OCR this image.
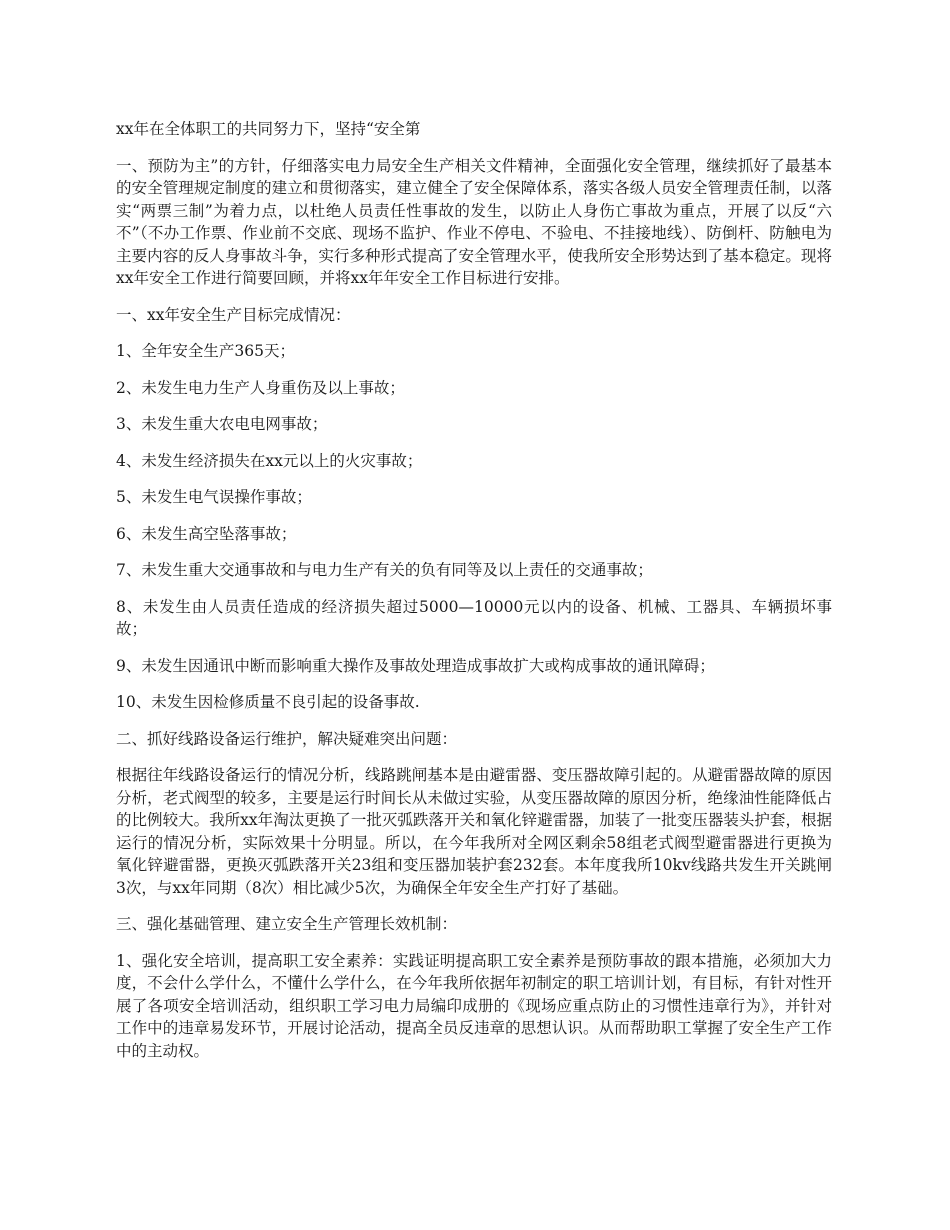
xx年在全体职工的共同努力下，坚持“安全第

一、预防为主”的方针，仔细落实电力局安全生产相关文件精神，全面强化安全管理，继续抓好了最基本的安全管理规定制度的建立和贯彻落实，建立健全了安全保障体系，落实各级人员安全管理责任制，以落实“两票三制”为着力点，以杜绝人员责任性事故的发生，以防止人身伤亡事故为重点，开展了以反“六不”（不办工作票、作业前不交底、现场不监护、作业不停电、不验电、不挂接地线）、防倒杆、防触电为主要内容的反人身事故斗争，实行多种形式提高了安全管理水平，使我所安全形势达到了基本稳定。现将xx年安全工作进行简要回顾，并将xx年年安全工作目标进行安排。

一、xx年安全生产目标完成情况：

1、全年安全生产365天；

2、未发生电力生产人身重伤及以上事故；

3、未发生重大农电电网事故；

4、未发生经济损失在xx元以上的火灾事故；

5、未发生电气误操作事故；

6、未发生高空坠落事故；

7、未发生重大交通事故和与电力生产有关的负有同等及以上责任的交通事故；

8、未发生由人员责任造成的经济损失超过5000—10000元以内的设备、机械、工器具、车辆损坏事故；

9、未发生因通讯中断而影响重大操作及事故处理造成事故扩大或构成事故的通讯障碍；

10、未发生因检修质量不良引起的设备事故.

二、抓好线路设备运行维护，解决疑难突出问题：

根据往年线路设备运行的情况分析，线路跳闸基本是由避雷器、变压器故障引起的。从避雷器故障的原因分析，老式阀型的较多，主要是运行时间长从未做过实验，从变压器故障的原因分析，绝缘油性能降低占的比例较大。我所xx年淘汰更换了一批灭弧跌落开关和氧化锌避雷器，加装了一批变压器装头护套，根据运行的情况分析，实际效果十分明显。所以，在今年我所对全网区剩余58组老式阀型避雷器进行更换为氧化锌避雷器，更换灭弧跌落开关23组和变压器加装护套232套。本年度我所10kv线路共发生开关跳闸3次，与xx年同期（8次）相比减少5次，为确保全年安全生产打好了基础。

三、强化基础管理、建立安全生产管理长效机制：

1、强化安全培训，提高职工安全素养：实践证明提高职工安全素养是预防事故的跟本措施，必须加大力度，不会什么学什么，不懂什么学什么，在今年我所依据年初制定的职工培训计划，有目标，有针对性开展了各项安全培训活动，组织职工学习电力局编印成册的《现场应重点防止的习惯性违章行为》，并针对工作中的违章易发环节，开展讨论活动，提高全员反违章的思想认识。从而帮助职工掌握了安全生产工作中的主动权。
